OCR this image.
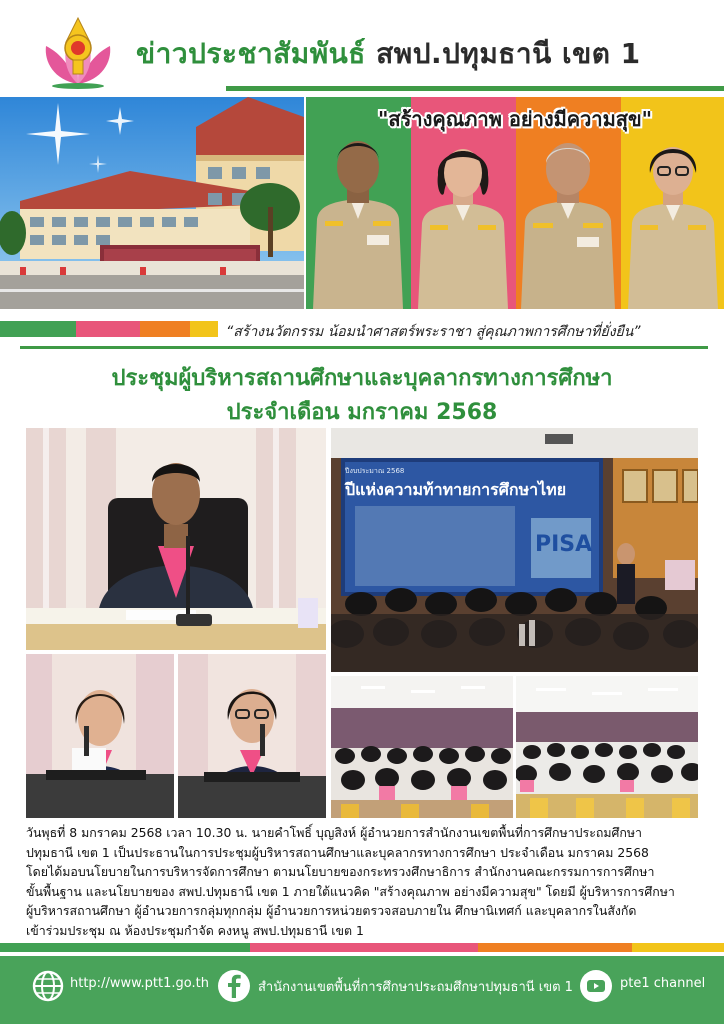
ข่าวประชาสัมพันธ์ สพป.ปทุมธานี เขต 1
"สร้างคุณภาพ อย่างมีความสุข"
“สร้างนวัตกรรม น้อมนำศาสตร์พระราชา สู่คุณภาพการศึกษาที่ยั่งยืน”
ประชุมผู้บริหารสถานศึกษาและบุคลากรทางการศึกษา
ประจำเดือน มกราคม 2568
ปีงบประมาณ 2568
ปีแห่งความท้าทายการศึกษาไทย
PISA

วันพุธที่ 8 มกราคม 2568 เวลา 10.30 น. นายคำโพธิ์ บุญสิงห์ ผู้อำนวยการสำนักงานเขตพื้นที่การศึกษาประถมศึกษา

ปทุมธานี เขต 1 เป็นประธานในการประชุมผู้บริหารสถานศึกษาและบุคลากรทางการศึกษา ประจำเดือน มกราคม 2568

โดยได้มอบนโยบายในการบริหารจัดการศึกษา ตามนโยบายของกระทรวงศึกษาธิการ สำนักงานคณะกรรมการการศึกษา

ขั้นพื้นฐาน และนโยบายของ สพป.ปทุมธานี เขต 1 ภายใต้แนวคิด "สร้างคุณภาพ อย่างมีความสุข" โดยมี ผู้บริหารการศึกษา

ผู้บริหารสถานศึกษา ผู้อำนวยการกลุ่มทุกกลุ่ม ผู้อำนวยการหน่วยตรวจสอบภายใน ศึกษานิเทศก์ และบุคลากรในสังกัด

เข้าร่วมประชุม ณ ห้องประชุมกำจัด คงหนู สพป.ปทุมธานี เขต 1

http://www.ptt1.go.th	สำนักงานเขตพื้นที่การศึกษาประถมศึกษาปทุมธานี เขต 1	pte1 channel
